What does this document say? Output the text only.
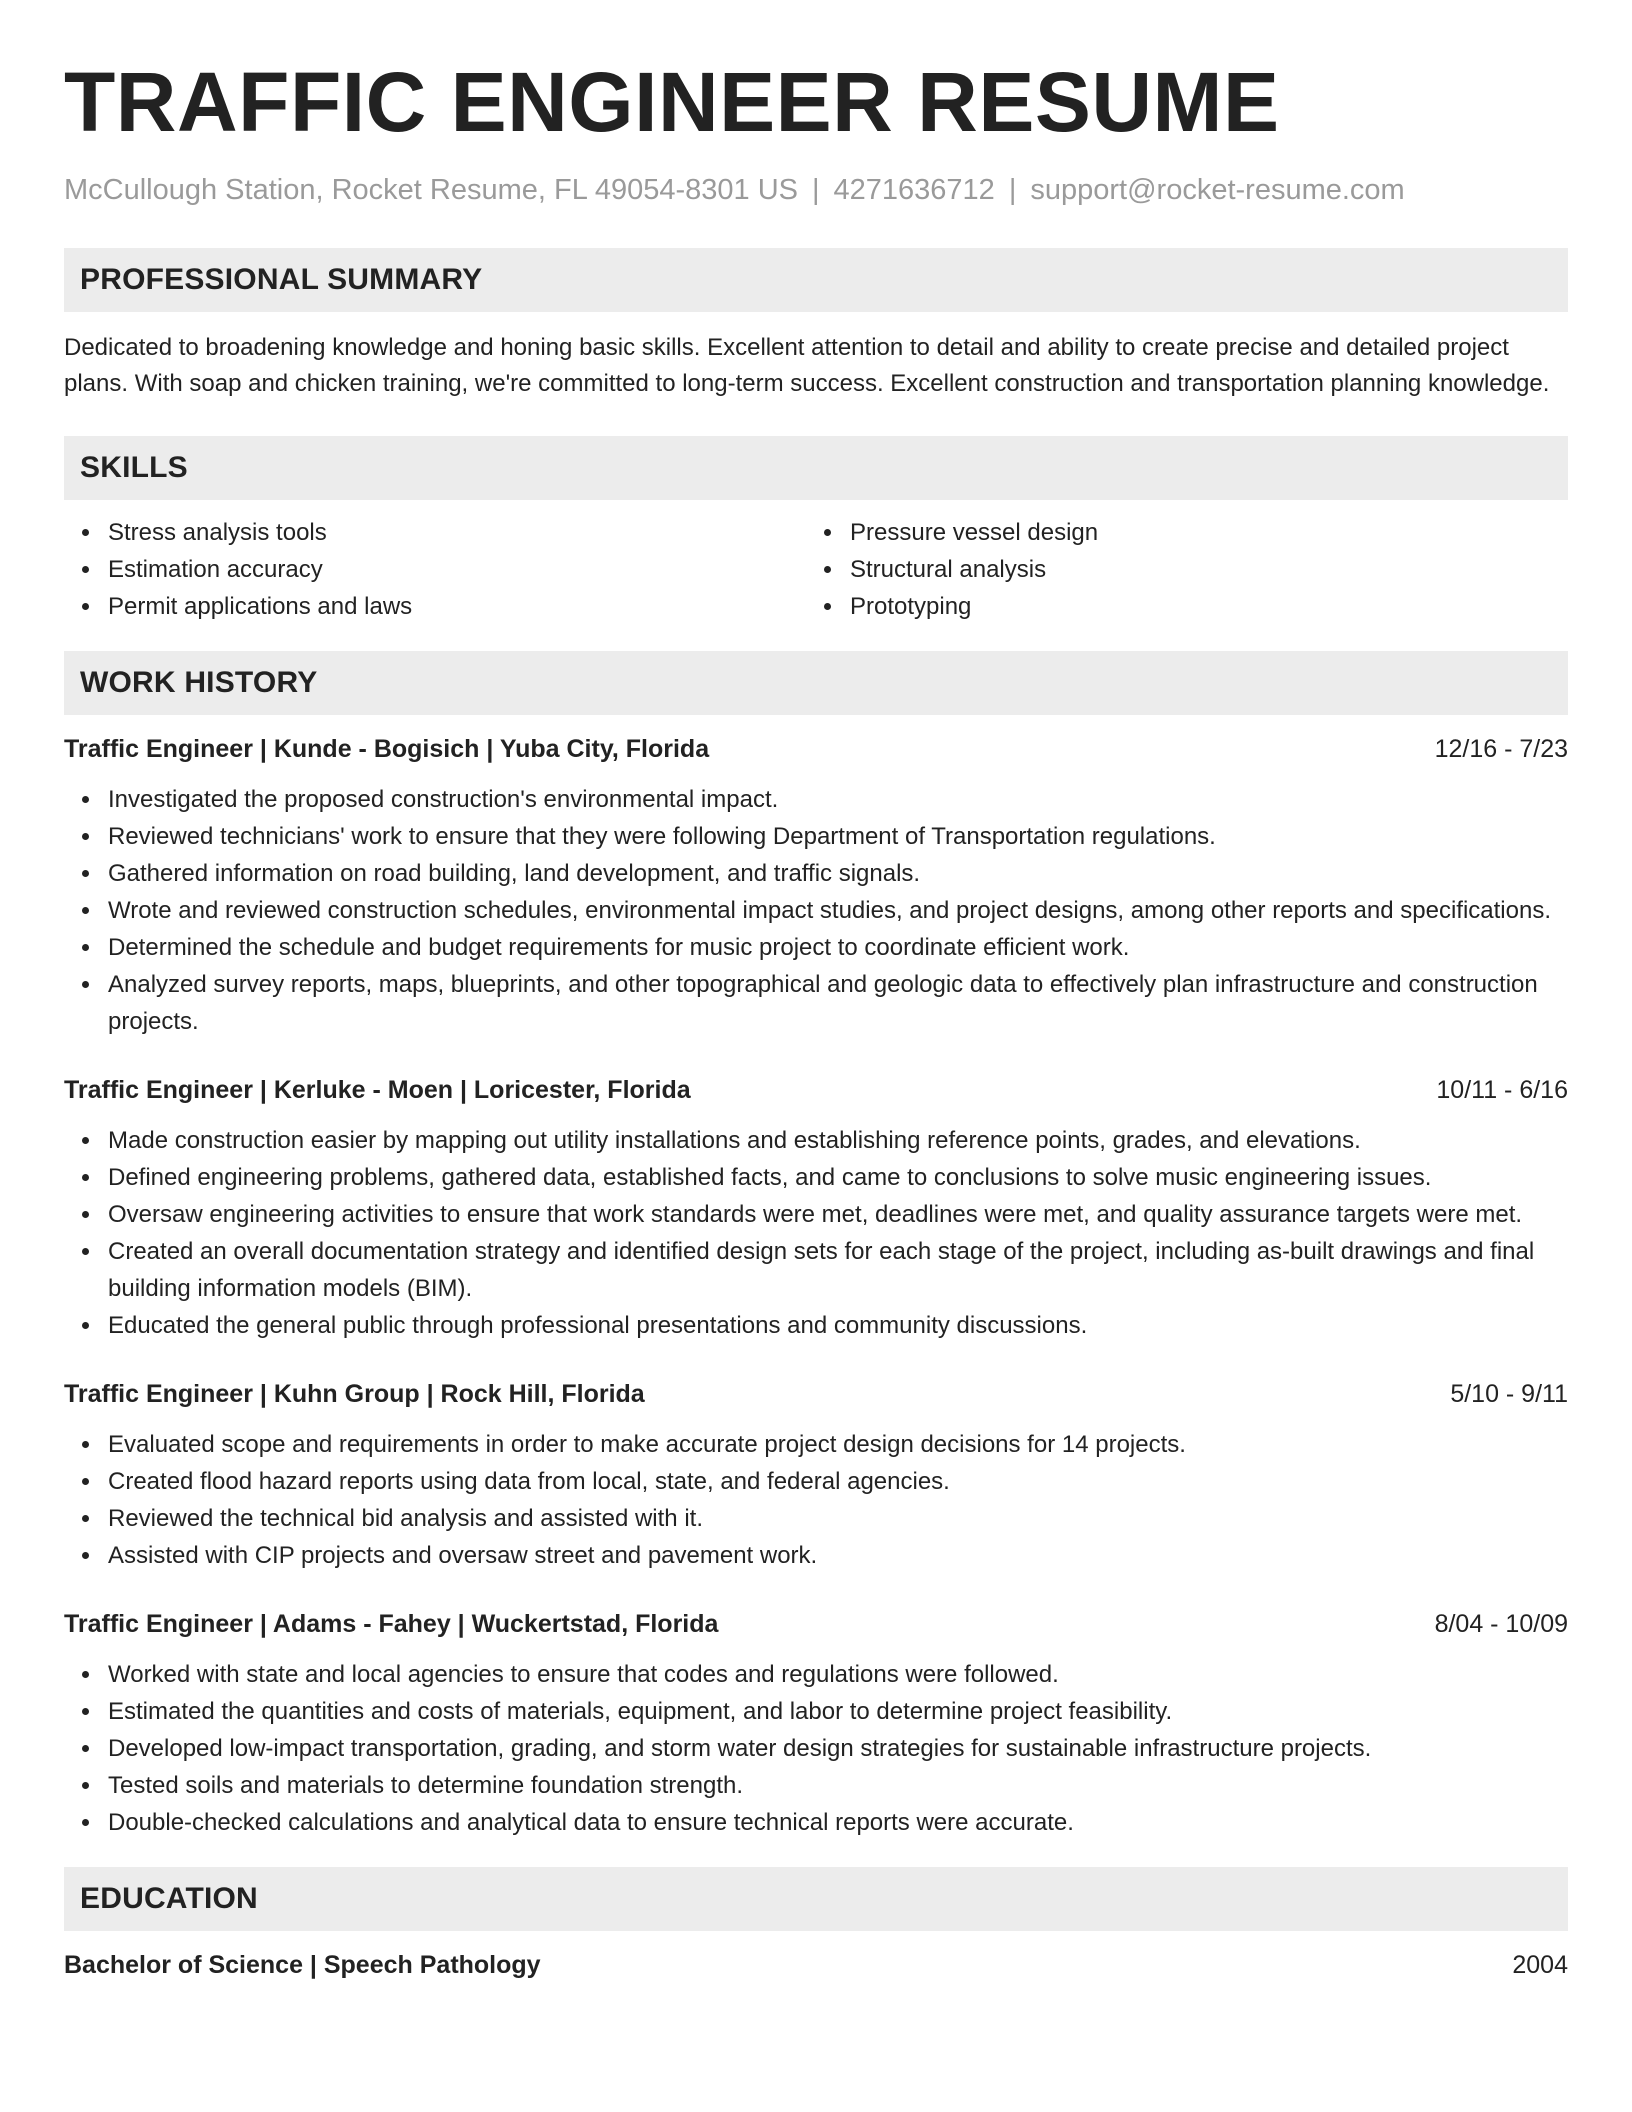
TRAFFIC ENGINEER RESUME
McCullough Station, Rocket Resume, FL 49054-8301 US | 4271636712 | support@rocket-resume.com
PROFESSIONAL SUMMARY

Dedicated to broadening knowledge and honing basic skills. Excellent attention to detail and ability to create precise and detailed project plans. With soap and chicken training, we're committed to long-term success. Excellent construction and transportation planning knowledge.

SKILLS
Stress analysis tools
Estimation accuracy
Permit applications and laws
Pressure vessel design
Structural analysis
Prototyping
WORK HISTORY
Traffic Engineer | Kunde - Bogisich | Yuba City, Florida	12/16 - 7/23
Investigated the proposed construction's environmental impact.
Reviewed technicians' work to ensure that they were following Department of Transportation regulations.
Gathered information on road building, land development, and traffic signals.
Wrote and reviewed construction schedules, environmental impact studies, and project designs, among other reports and specifications.
Determined the schedule and budget requirements for music project to coordinate efficient work.
Analyzed survey reports, maps, blueprints, and other topographical and geologic data to effectively plan infrastructure and construction projects.
Traffic Engineer | Kerluke - Moen | Loricester, Florida	10/11 - 6/16
Made construction easier by mapping out utility installations and establishing reference points, grades, and elevations.
Defined engineering problems, gathered data, established facts, and came to conclusions to solve music engineering issues.
Oversaw engineering activities to ensure that work standards were met, deadlines were met, and quality assurance targets were met.
Created an overall documentation strategy and identified design sets for each stage of the project, including as-built drawings and final building information models (BIM).
Educated the general public through professional presentations and community discussions.
Traffic Engineer | Kuhn Group | Rock Hill, Florida	5/10 - 9/11
Evaluated scope and requirements in order to make accurate project design decisions for 14 projects.
Created flood hazard reports using data from local, state, and federal agencies.
Reviewed the technical bid analysis and assisted with it.
Assisted with CIP projects and oversaw street and pavement work.
Traffic Engineer | Adams - Fahey | Wuckertstad, Florida	8/04 - 10/09
Worked with state and local agencies to ensure that codes and regulations were followed.
Estimated the quantities and costs of materials, equipment, and labor to determine project feasibility.
Developed low-impact transportation, grading, and storm water design strategies for sustainable infrastructure projects.
Tested soils and materials to determine foundation strength.
Double-checked calculations and analytical data to ensure technical reports were accurate.
EDUCATION
Bachelor of Science | Speech Pathology	2004
